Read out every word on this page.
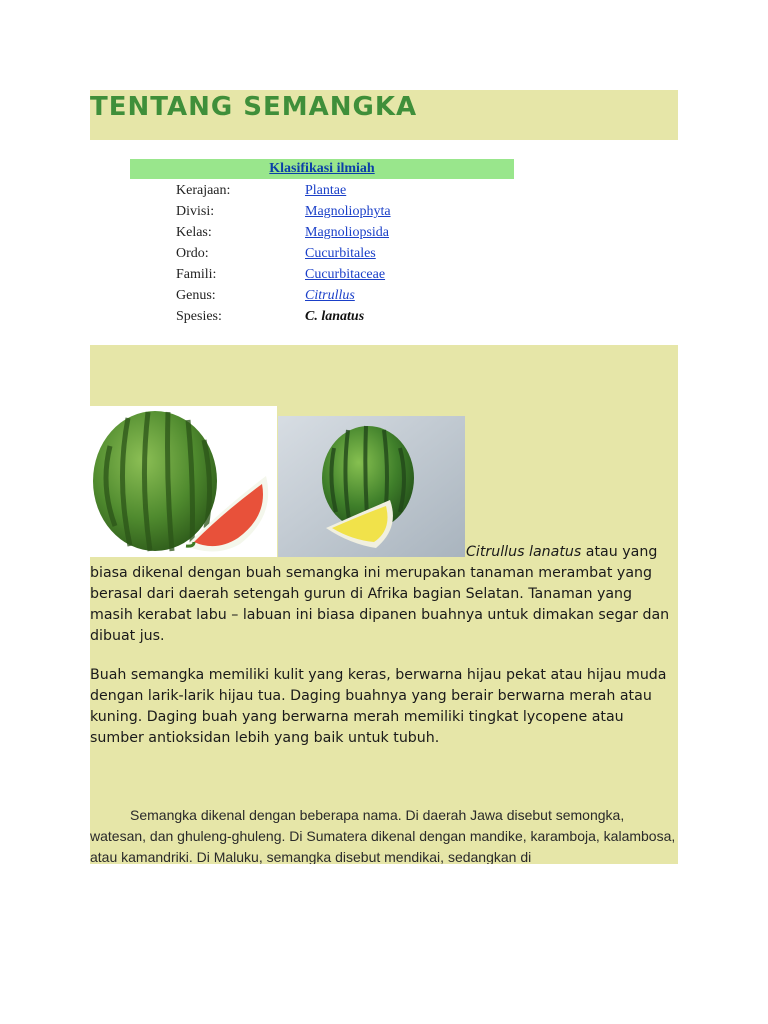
TENTANG SEMANGKA
Klasifikasi ilmiah
Kerajaan:	Plantae
Divisi:	Magnoliophyta
Kelas:	Magnoliopsida
Ordo:	Cucurbitales
Famili:	Cucurbitaceae
Genus:	Citrullus
Spesies:	C. lanatus

Citrullus lanatus atau yang biasa dikenal dengan buah semangka ini merupakan tanaman merambat yang berasal dari daerah setengah gurun di Afrika bagian Selatan. Tanaman yang masih kerabat labu – labuan ini biasa dipanen buahnya untuk dimakan segar dan dibuat jus.

Buah semangka memiliki kulit yang keras, berwarna hijau pekat atau hijau muda dengan larik-larik hijau tua. Daging buahnya yang berair berwarna merah atau kuning. Daging buah yang berwarna merah memiliki tingkat lycopene atau sumber antioksidan lebih yang baik untuk tubuh.

Semangka dikenal dengan beberapa nama. Di daerah Jawa disebut semongka, watesan, dan ghuleng-ghuleng. Di Sumatera dikenal dengan mandike, karamboja, kalambosa, atau kamandriki. Di Maluku, semangka disebut mendikai, sedangkan di
